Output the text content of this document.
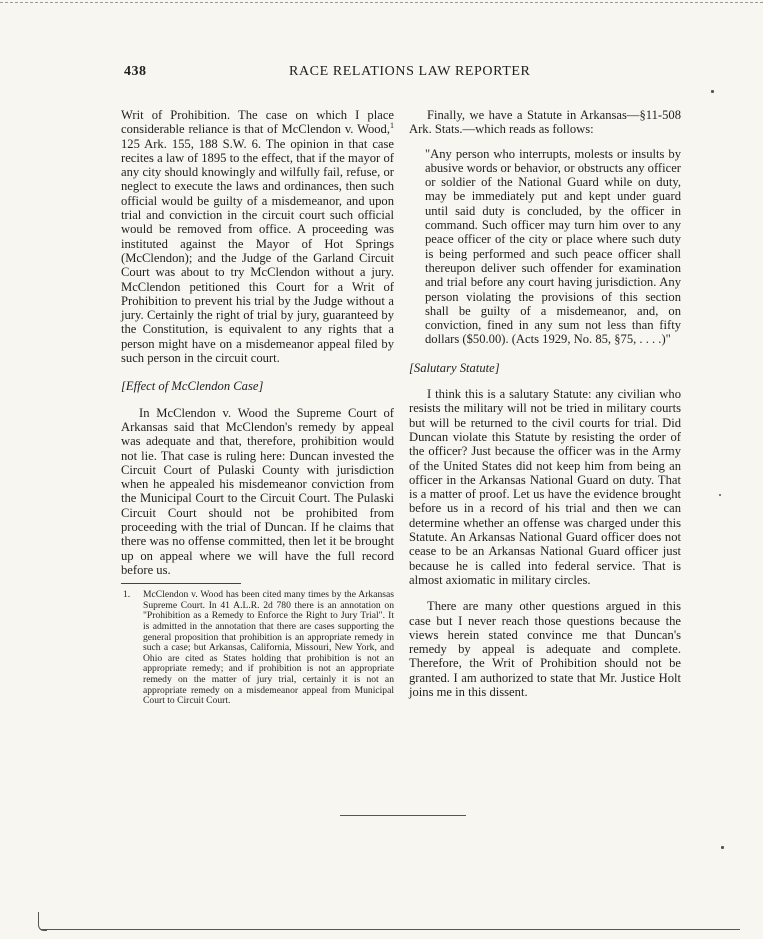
438	RACE RELATIONS LAW REPORTER

Writ of Prohibition. The case on which I place considerable reliance is that of McClendon v. Wood,$^1$ 125 Ark. 155, 188 S.W. 6. The opinion in that case recites a law of 1895 to the effect, that if the mayor of any city should knowingly and wilfully fail, refuse, or neglect to execute the laws and ordinances, then such official would be guilty of a misdemeanor, and upon trial and conviction in the circuit court such official would be removed from office. A proceeding was instituted against the Mayor of Hot Springs (McClendon); and the Judge of the Garland Circuit Court was about to try McClendon without a jury. McClendon petitioned this Court for a Writ of Prohibition to prevent his trial by the Judge without a jury. Certainly the right of trial by jury, guaranteed by the Constitution, is equivalent to any rights that a person might have on a misdemeanor appeal filed by such person in the circuit court.

[Effect of McClendon Case]

In McClendon v. Wood the Supreme Court of Arkansas said that McClendon's remedy by appeal was adequate and that, therefore, prohibition would not lie. That case is ruling here: Duncan invested the Circuit Court of Pulaski County with jurisdiction when he appealed his misdemeanor conviction from the Municipal Court to the Circuit Court. The Pulaski Circuit Court should not be prohibited from proceeding with the trial of Duncan. If he claims that there was no offense committed, then let it be brought up on appeal where we will have the full record before us.

1. McClendon v. Wood has been cited many times by the Arkansas Supreme Court. In 41 A.L.R. 2d 780 there is an annotation on "Prohibition as a Remedy to Enforce the Right to Jury Trial". It is admitted in the annotation that there are cases supporting the general proposition that prohibition is an appropriate remedy in such a case; but Arkansas, California, Missouri, New York, and Ohio are cited as States holding that prohibition is not an appropriate remedy; and if prohibition is not an appropriate remedy on the matter of jury trial, certainly it is not an appropriate remedy on a misdemeanor appeal from Municipal Court to Circuit Court.

Finally, we have a Statute in Arkansas—§11-508 Ark. Stats.—which reads as follows:

"Any person who interrupts, molests or insults by abusive words or behavior, or obstructs any officer or soldier of the National Guard while on duty, may be immediately put and kept under guard until said duty is concluded, by the officer in command. Such officer may turn him over to any peace officer of the city or place where such duty is being performed and such peace officer shall thereupon deliver such offender for examination and trial before any court having jurisdiction. Any person violating the provisions of this section shall be guilty of a misdemeanor, and, on conviction, fined in any sum not less than fifty dollars ($50.00). (Acts 1929, No. 85, §75, . . . .)"

[Salutary Statute]

I think this is a salutary Statute: any civilian who resists the military will not be tried in military courts but will be returned to the civil courts for trial. Did Duncan violate this Statute by resisting the order of the officer? Just because the officer was in the Army of the United States did not keep him from being an officer in the Arkansas National Guard on duty. That is a matter of proof. Let us have the evidence brought before us in a record of his trial and then we can determine whether an offense was charged under this Statute. An Arkansas National Guard officer does not cease to be an Arkansas National Guard officer just because he is called into federal service. That is almost axiomatic in military circles.

There are many other questions argued in this case but I never reach those questions because the views herein stated convince me that Duncan's remedy by appeal is adequate and complete. Therefore, the Writ of Prohibition should not be granted. I am authorized to state that Mr. Justice Holt joins me in this dissent.
